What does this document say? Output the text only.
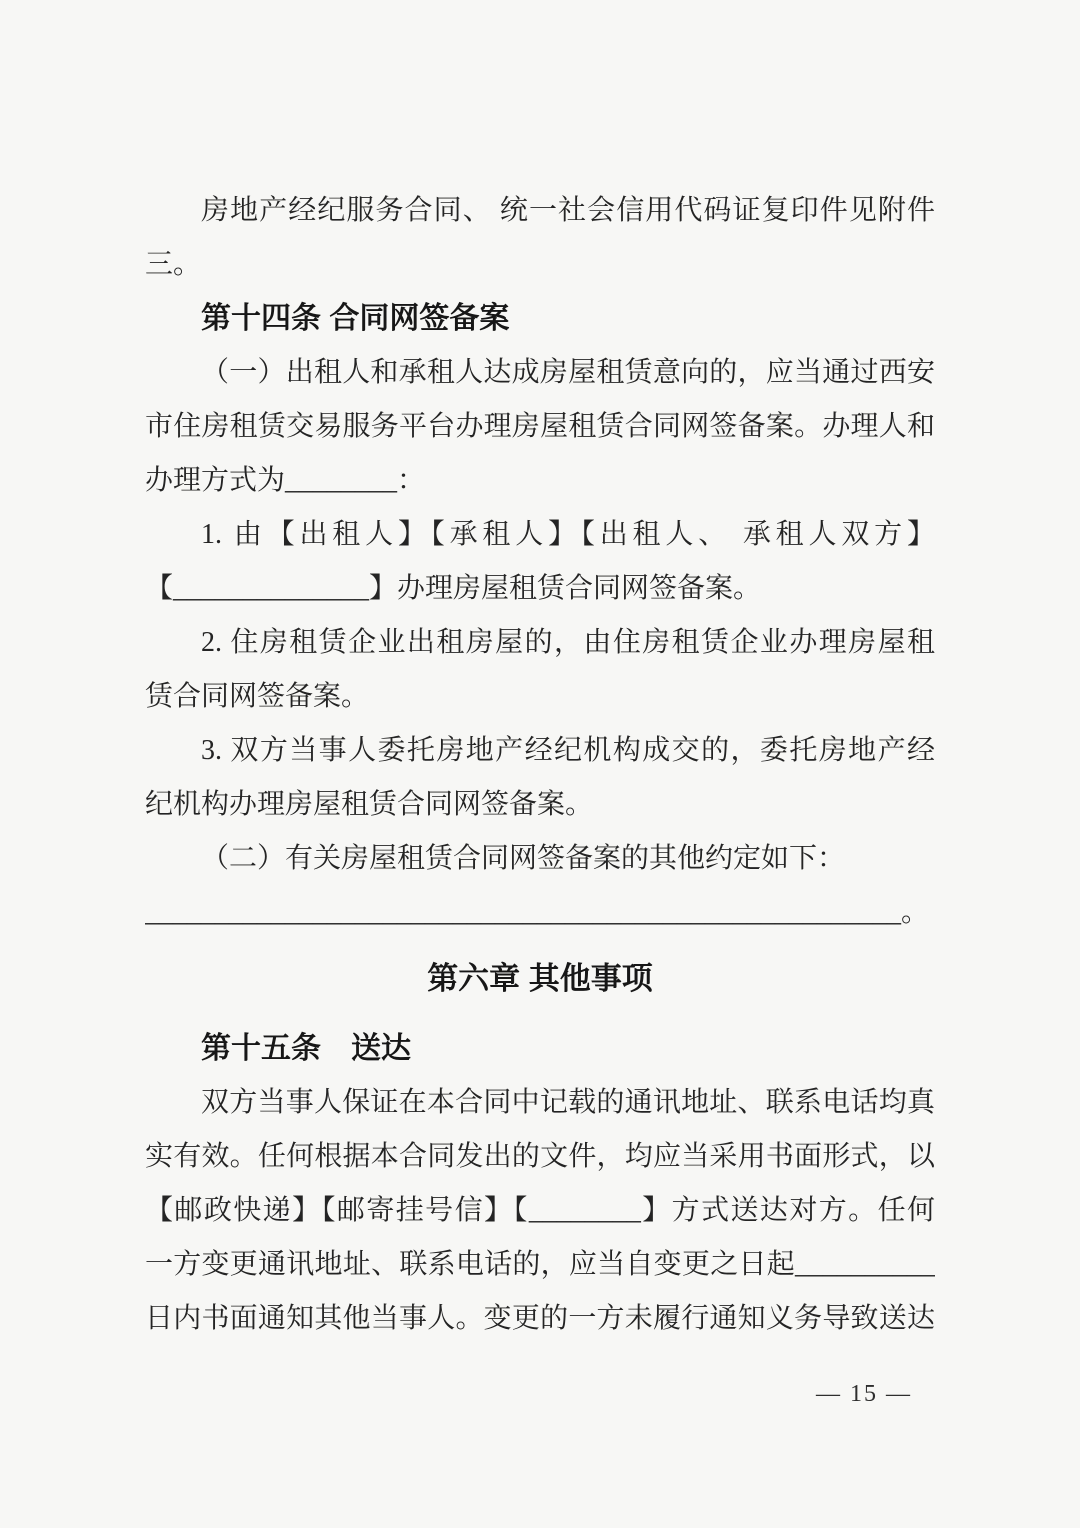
房地产经纪服务合同、 统一社会信用代码证复印件见附件
三。
第十四条 合同网签备案
（一）出租人和承租人达成房屋租赁意向的，应当通过西安
市住房租赁交易服务平台办理房屋租赁合同网签备案。办理人和
办理方式为________：
1. 由【出租人】【承租人】【出租人、 承租人双方】
【______________】办理房屋租赁合同网签备案。
2. 住房租赁企业出租房屋的，由住房租赁企业办理房屋租
赁合同网签备案。
3. 双方当事人委托房地产经纪机构成交的，委托房地产经
纪机构办理房屋租赁合同网签备案。
（二）有关房屋租赁合同网签备案的其他约定如下：
______________________________________________________。
第六章 其他事项
第十五条　送达
双方当事人保证在本合同中记载的通讯地址、联系电话均真
实有效。任何根据本合同发出的文件，均应当采用书面形式，以
【邮政快递】【邮寄挂号信】【________】方式送达对方。任何
一方变更通讯地址、联系电话的，应当自变更之日起__________
日内书面通知其他当事人。变更的一方未履行通知义务导致送达
— 15 —
